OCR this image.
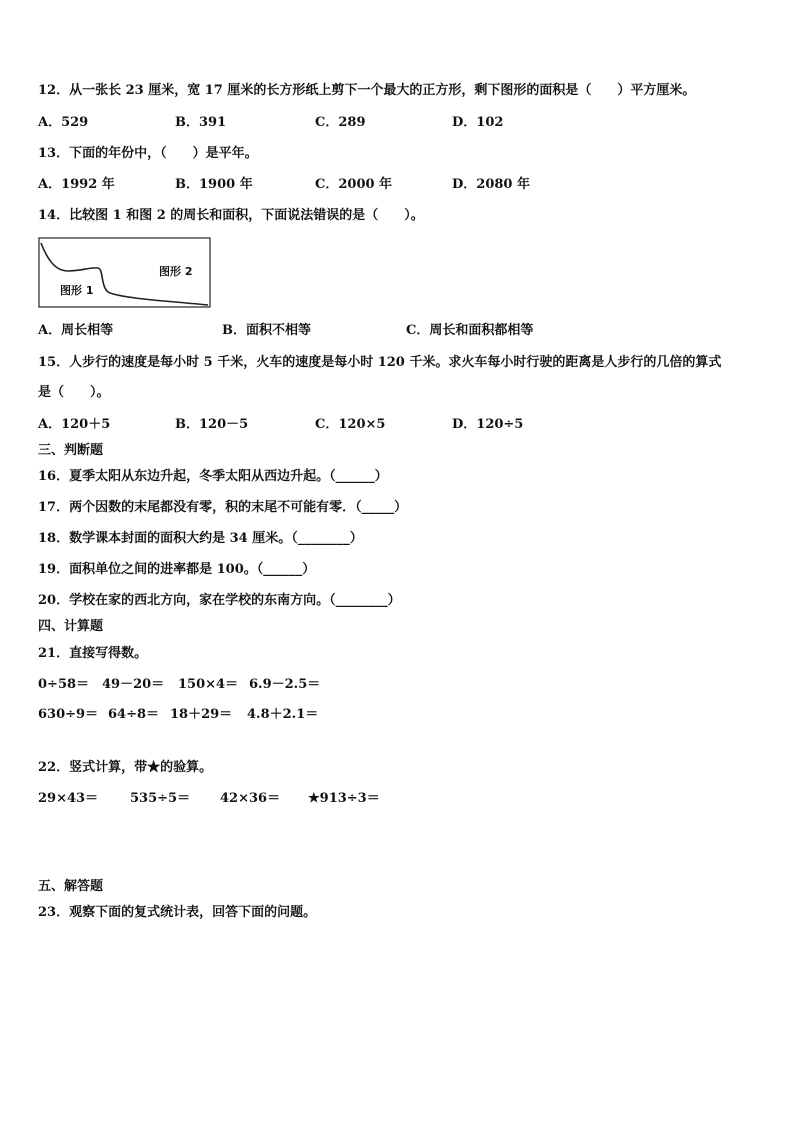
12．从一张长 23 厘米，宽 17 厘米的长方形纸上剪下一个最大的正方形，剩下图形的面积是（　　）平方厘米。
A．529	B．391	C．289	D．102
13．下面的年份中，（　　）是平年。
A．1992 年	B．1900 年	C．2000 年	D．2080 年
14．比较图 1 和图 2 的周长和面积，下面说法错误的是（　　）。
图形 2
图形 1
A．周长相等	B．面积不相等	C．周长和面积都相等
15．人步行的速度是每小时 5 千米，火车的速度是每小时 120 千米。求火车每小时行驶的距离是人步行的几倍的算式
是（　　）。
A．120＋5	B．120－5	C．120×5	D．120÷5
三、判断题
16．夏季太阳从东边升起，冬季太阳从西边升起。（______）
17．两个因数的末尾都没有零，积的末尾不可能有零．（_____）
18．数学课本封面的面积大约是 34 厘米。（________）
19．面积单位之间的进率都是 100。（______）
20．学校在家的西北方向，家在学校的东南方向。（________）
四、计算题
21．直接写得数。
0÷58＝ 49－20＝ 150×4＝ 6.9－2.5＝
630÷9＝ 64÷8＝ 18＋29＝ 4.8＋2.1＝
22．竖式计算，带★的验算。
29×43＝ 535÷5＝ 42×36＝ ★913÷3＝
五、解答题
23．观察下面的复式统计表，回答下面的问题。
